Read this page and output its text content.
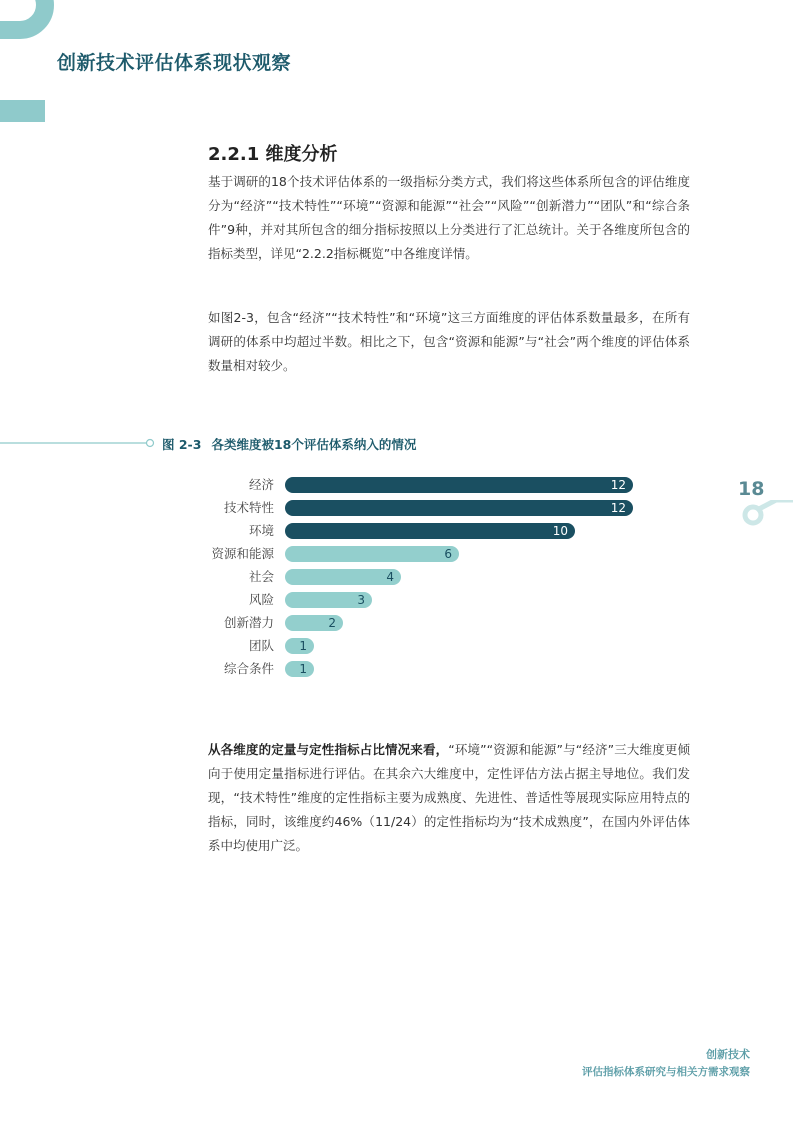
创新技术评估体系现状观察
2.2.1 维度分析

基于调研的18个技术评估体系的一级指标分类方式，我们将这些体系所包含的评估维度分为“经济”“技术特性”“环境”“资源和能源”“社会”“风险”“创新潜力”“团队”和“综合条件”9种，并对其所包含的细分指标按照以上分类进行了汇总统计。关于各维度所包含的指标类型，详见“2.2.2指标概览”中各维度详情。

如图2-3，包含“经济”“技术特性”和“环境”这三方面维度的评估体系数量最多，在所有调研的体系中均超过半数。相比之下，包含“资源和能源”与“社会”两个维度的评估体系数量相对较少。

图 2-3 各类维度被18个评估体系纳入的情况
18
经济	12
技术特性	12
环境	10
资源和能源	6
社会	4
风险	3
创新潜力	2
团队 1
综合条件 1

从各维度的定量与定性指标占比情况来看，“环境”“资源和能源”与“经济”三大维度更倾向于使用定量指标进行评估。在其余六大维度中，定性评估方法占据主导地位。我们发现，“技术特性”维度的定性指标主要为成熟度、先进性、普适性等展现实际应用特点的指标，同时，该维度约46%（11/24）的定性指标均为“技术成熟度”，在国内外评估体系中均使用广泛。

创新技术
评估指标体系研究与相关方需求观察
